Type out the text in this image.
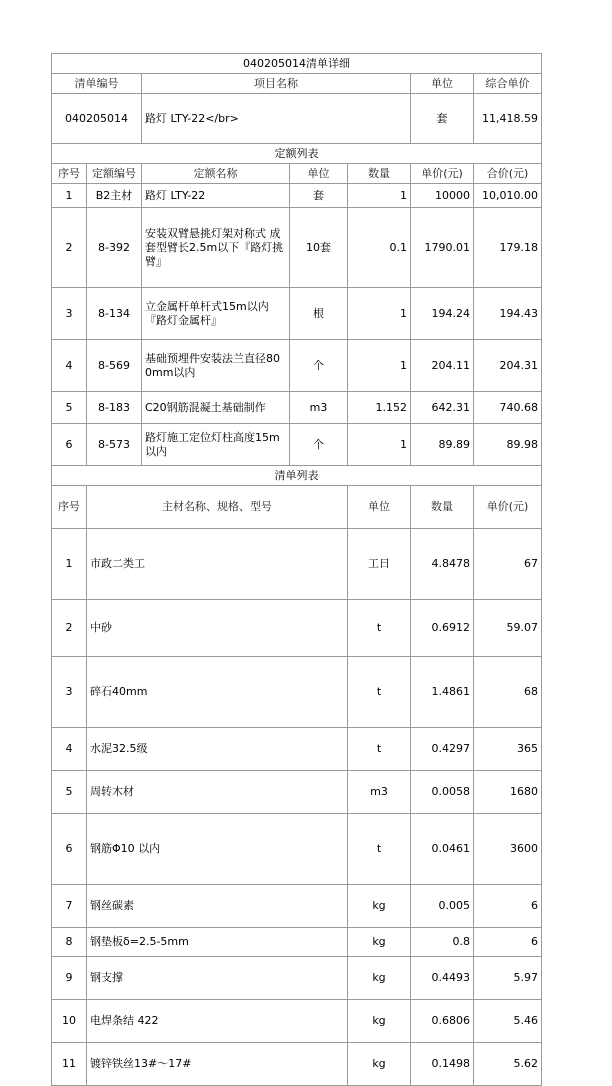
040205014清单详细							
清单编号		项目名称			单位	综合单价	
040205014		路灯 LTY-22</br>			套	11,418.59	
定额列表							
序号	定额编号	定额名称	单位	数量	单价(元)	合价(元)	
1	B2主材	路灯 LTY-22	套	1	10000	10,010.00	
2	8-392	安装双臂悬挑灯架对称式 成套型臂长2.5m以下『路灯挑臂』	10套	0.1	1790.01	179.18	
3	8-134	立金属杆单杆式15m以内『路灯金属杆』	根	1	194.24	194.43	
4	8-569	基础预埋件安装法兰直径800mm以内	个	1	204.11	204.31	
5	8-183	C20钢筋混凝土基础制作	m3	1.152	642.31	740.68	
6	8-573	路灯施工定位灯柱高度15m以内	个	1	89.89	89.98	
清单列表							
序号	主材名称、规格、型号			单位	数量	单价(元)	
1	市政二类工			工日	4.8478	67	
2	中砂			t	0.6912	59.07	
3	碎石40mm			t	1.4861	68	
4	水泥32.5级			t	0.4297	365	
5	周转木材			m3	0.0058	1680	
6	钢筋Φ10 以内			t	0.0461	3600	
7	钢丝碳素			kg	0.005	6	
8	钢垫板δ=2.5-5mm			kg	0.8	6	
9	钢支撑			kg	0.4493	5.97	
10	电焊条结 422			kg	0.6806	5.46	
11	镀锌铁丝13#～17#			kg	0.1498	5.62	
